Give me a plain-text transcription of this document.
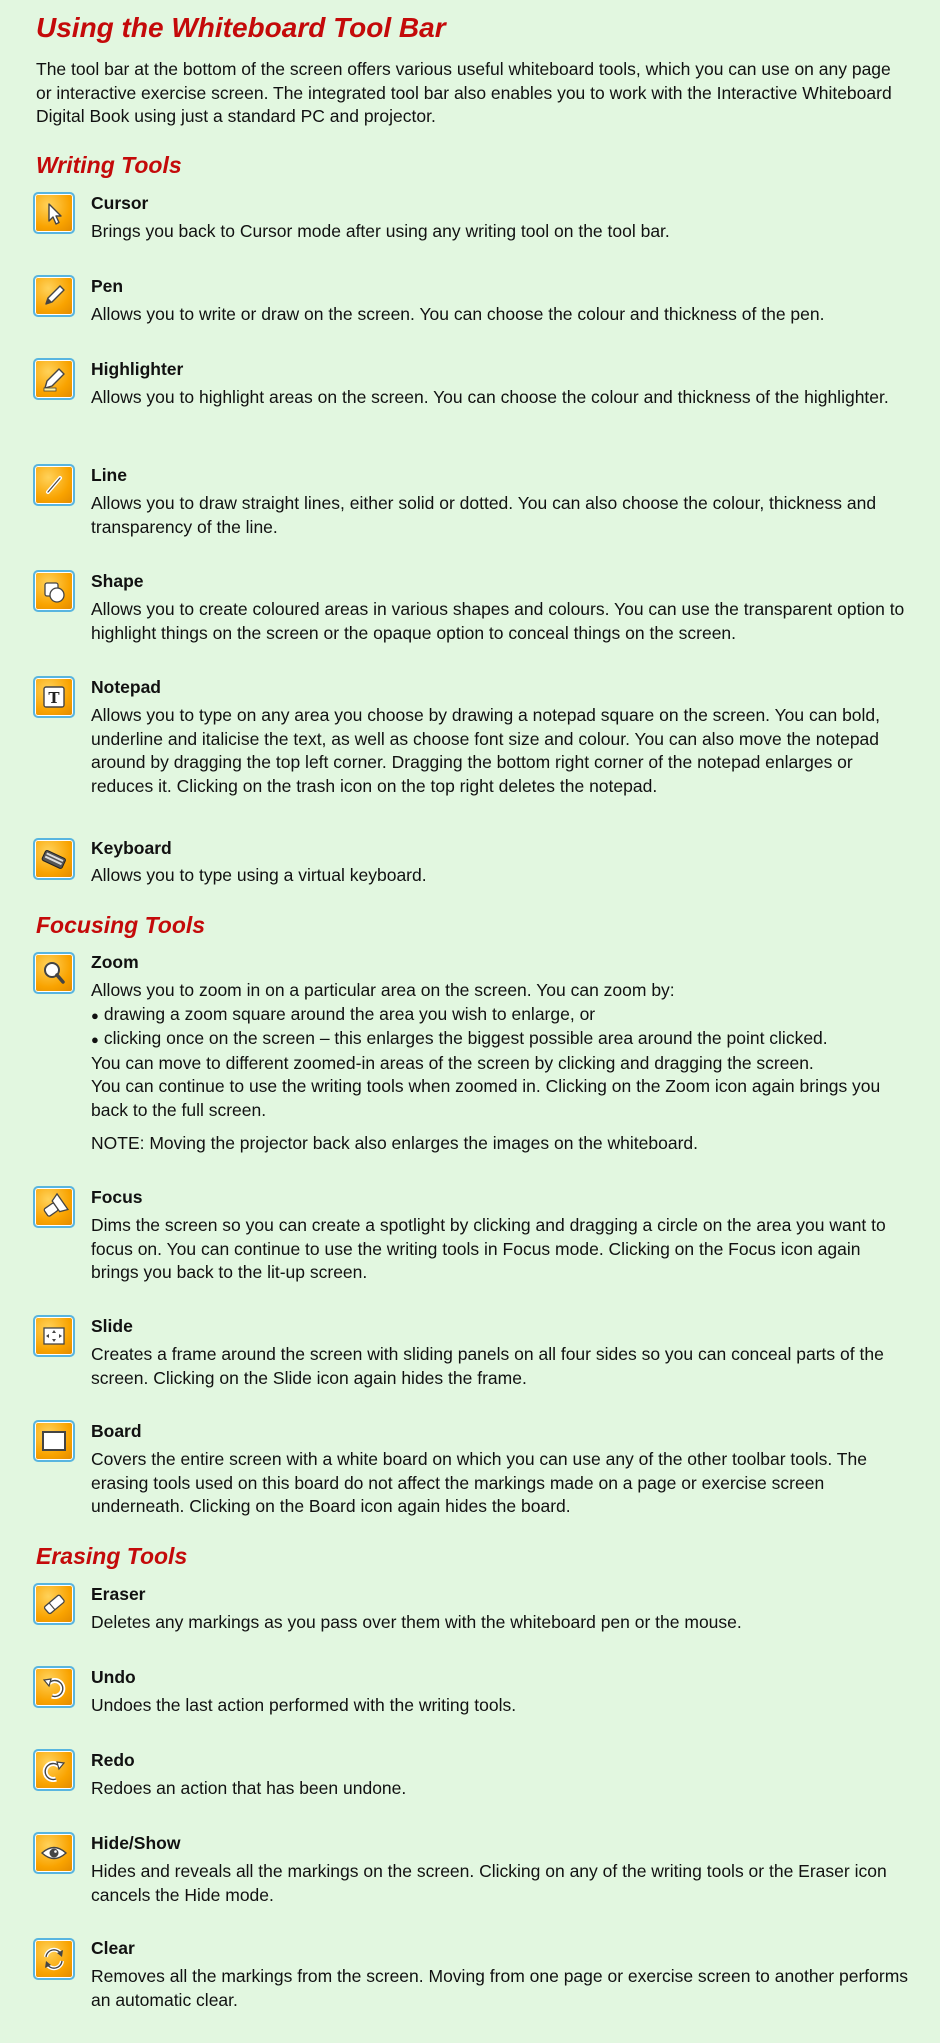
Using the Whiteboard Tool Bar
The tool bar at the bottom of the screen offers various useful whiteboard tools, which you can use on any page or interactive exercise screen. The integrated tool bar also enables you to work with the Interactive Whiteboard Digital Book using just a standard PC and projector.
Writing Tools
Cursor
Brings you back to Cursor mode after using any writing tool on the tool bar.
Pen
Allows you to write or draw on the screen. You can choose the colour and thickness of the pen.
Highlighter
Allows you to highlight areas on the screen. You can choose the colour and thickness of the highlighter.
Line
Allows you to draw straight lines, either solid or dotted. You can also choose the colour, thickness and transparency of the line.
Shape
Allows you to create coloured areas in various shapes and colours. You can use the transparent option to highlight things on the screen or the opaque option to conceal things on the screen.
T
Notepad
Allows you to type on any area you choose by drawing a notepad square on the screen. You can bold, underline and italicise the text, as well as choose font size and colour. You can also move the notepad around by dragging the top left corner. Dragging the bottom right corner of the notepad enlarges or reduces it. Clicking on the trash icon on the top right deletes the notepad.
Keyboard
Allows you to type using a virtual keyboard.
Focusing Tools
Zoom
Allows you to zoom in on a particular area on the screen. You can zoom by:
● drawing a zoom square around the area you wish to enlarge, or
● clicking once on the screen – this enlarges the biggest possible area around the point clicked.
You can move to different zoomed-in areas of the screen by clicking and dragging the screen.
You can continue to use the writing tools when zoomed in. Clicking on the Zoom icon again brings you back to the full screen.
NOTE: Moving the projector back also enlarges the images on the whiteboard.
Focus
Dims the screen so you can create a spotlight by clicking and dragging a circle on the area you want to focus on. You can continue to use the writing tools in Focus mode. Clicking on the Focus icon again brings you back to the lit-up screen.
Slide
Creates a frame around the screen with sliding panels on all four sides so you can conceal parts of the screen. Clicking on the Slide icon again hides the frame.
Board
Covers the entire screen with a white board on which you can use any of the other toolbar tools. The erasing tools used on this board do not affect the markings made on a page or exercise screen underneath. Clicking on the Board icon again hides the board.
Erasing Tools
Eraser
Deletes any markings as you pass over them with the whiteboard pen or the mouse.
Undo
Undoes the last action performed with the writing tools.
Redo
Redoes an action that has been undone.
Hide/Show
Hides and reveals all the markings on the screen. Clicking on any of the writing tools or the Eraser icon cancels the Hide mode.
Clear
Removes all the markings from the screen. Moving from one page or exercise screen to another performs an automatic clear.
